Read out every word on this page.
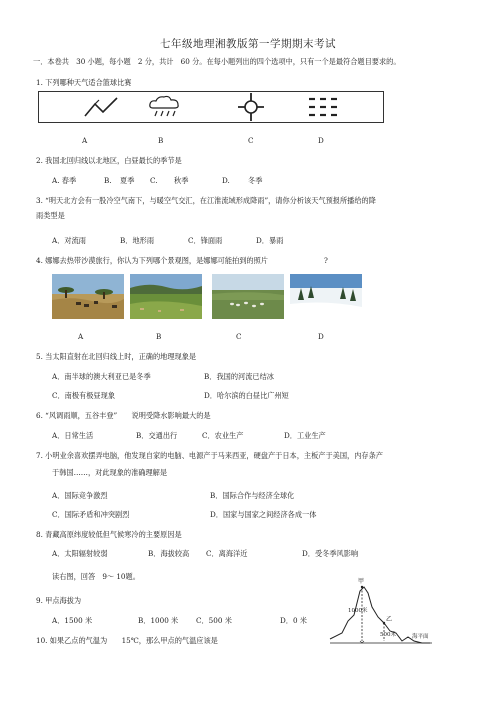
七年级地理湘教版第一学期期末考试
一．本卷共　30 小题，每小题　2 分，共计　60 分。在每小题列出的四个选项中，只有一个是最符合题目要求的。
1. 下列哪种天气适合篮球比赛
A	B	C	D
2. 我国北回归线以北地区，白昼最长的季节是
A. 春季	B. 夏季 C. 秋季	D.	冬季
3. “明天北方会有一股冷空气南下，与暖空气交汇，在江淮流域形成降雨”，请你分析该天气预报所播给的降
雨类型是
A．对流雨	B．地形雨	C．锋面雨	D．暴雨
4. 娜娜去热带沙漠旅行，你认为下列哪个景观图，是娜娜可能拍到的照片	?
A	B	C	D
5. 当太阳直射在北回归线上时，正确的地理现象是
A．南半球的澳大利亚已是冬季	B．我国的河流已结冰
C．南极有极昼现象	D．哈尔滨的白昼比广州短
6. “风调雨顺，五谷丰登”　　说明受降水影响最大的是
A．日常生活	B．交通出行	C．农业生产	D．工业生产
7. 小明业余喜欢摆弄电脑，他发现自家的电脑、电源产于马来西亚，硬盘产于日本，主板产于美国，内存条产
于韩国……，对此现象的准确理解是
A．国际竞争激烈	B．国际合作与经济全球化
C．国际矛盾和冲突剧烈	D．国家与国家之间经济各成一体
8. 青藏高原纬度较低但气候寒冷的主要原因是
A．太阳辐射较弱	B．海拔较高 C．离海洋近	D．受冬季风影响
读右图，回答　9～ 10题。
9. 甲点海拔为
A．1500 米	B．1000 米 C．500 米	D．0 米
10. 如果乙点的气温为　　15℃，那么甲点的气温应该是
甲
乙
1000米
500米	海平面
